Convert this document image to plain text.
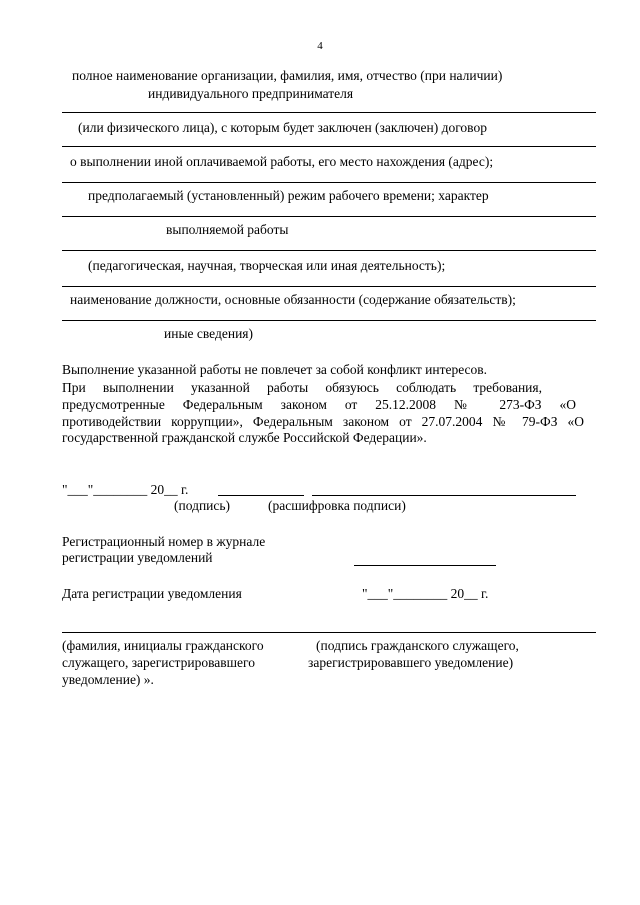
4
полное наименование организации, фамилия, имя, отчество (при наличии)
индивидуального предпринимателя
(или физического лица), с которым будет заключен (заключен) договор
о выполнении иной оплачиваемой работы, его место нахождения (адрес);
предполагаемый (установленный) режим рабочего времени; характер
выполняемой работы
(педагогическая, научная, творческая или иная деятельность);
наименование должности, основные обязанности (содержание обязательств);
иные сведения)
Выполнение указанной работы не повлечет за собой конфликт интересов.
При выполнении указанной работы обязуюсь соблюдать требования,
предусмотренные Федеральным законом от 25.12.2008 № 273-ФЗ «О
противодействии коррупции», Федеральным законом от 27.07.2004 № 79-ФЗ «О
государственной гражданской службе Российской Федерации».
"___"________ 20__ г.
(подпись)	(расшифровка подписи)
Регистрационный номер в журнале
регистрации уведомлений
Дата регистрации уведомления	"___"________ 20__ г.
(фамилия, инициалы гражданского
служащего, зарегистрировавшего
уведомление) ».
(подпись гражданского служащего,
зарегистрировавшего уведомление)
